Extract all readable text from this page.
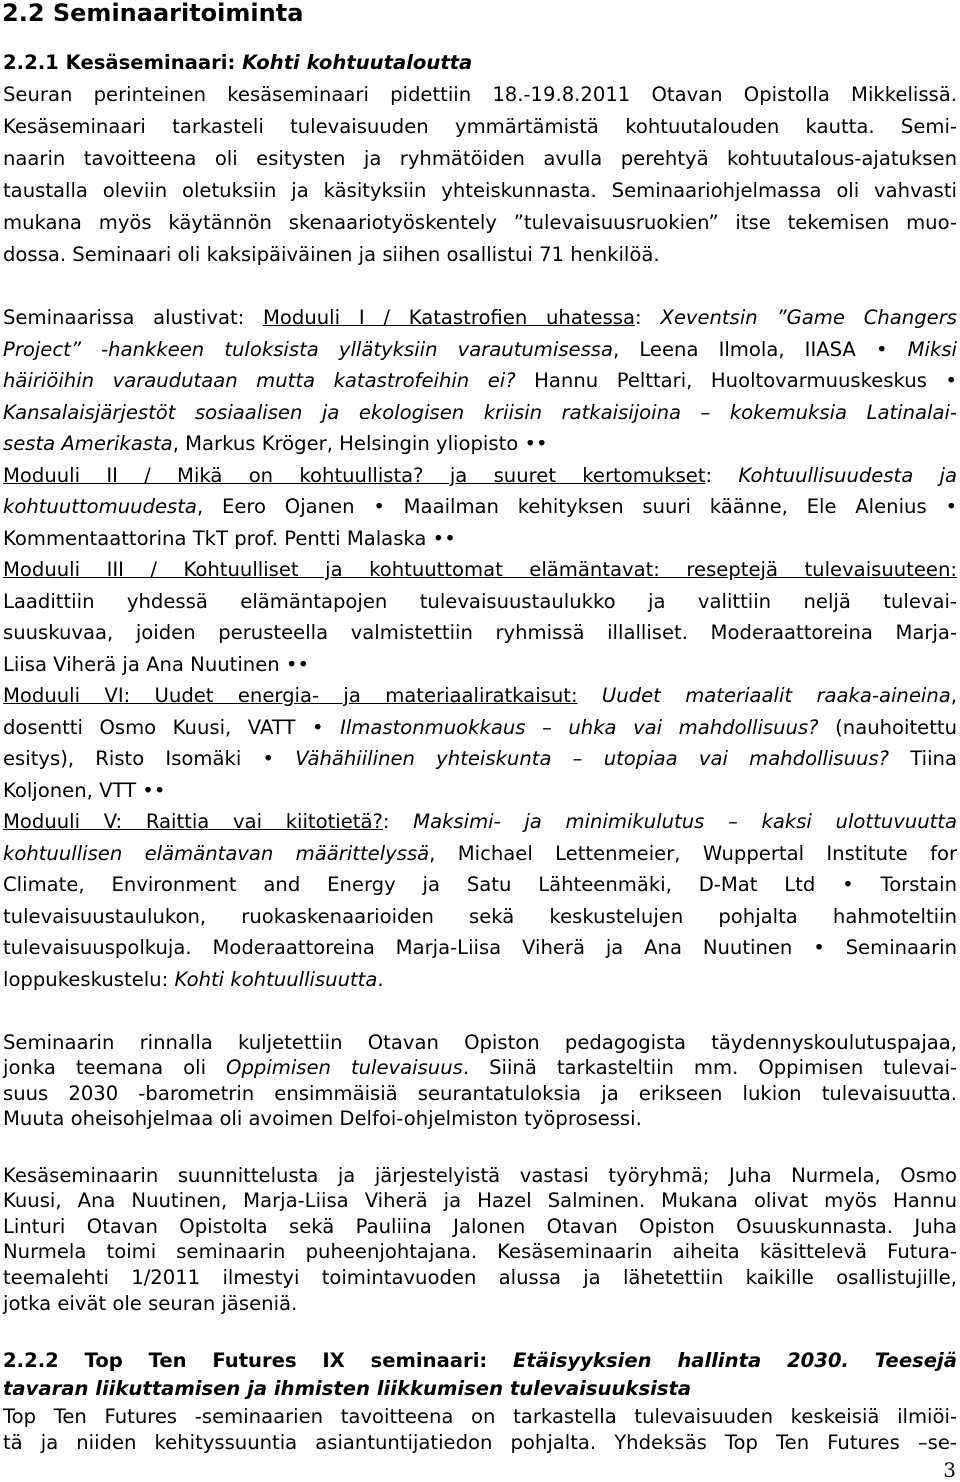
2.2 Seminaaritoiminta
2.2.1 Kesäseminaari: Kohti kohtuutaloutta
Seuran perinteinen kesäseminaari pidettiin 18.-19.8.2011 Otavan Opistolla Mikkelissä.
Kesäseminaari tarkasteli tulevaisuuden ymmärtämistä kohtuutalouden kautta. Semi-
naarin tavoitteena oli esitysten ja ryhmätöiden avulla perehtyä kohtuutalous-ajatuksen
taustalla oleviin oletuksiin ja käsityksiin yhteiskunnasta. Seminaariohjelmassa oli vahvasti
mukana myös käytännön skenaariotyöskentely ”tulevaisuusruokien” itse tekemisen muo-
dossa. Seminaari oli kaksipäiväinen ja siihen osallistui 71 henkilöä.
Seminaarissa alustivat: Moduuli I / Katastrofien uhatessa: Xeventsin ”Game Changers
Project” -hankkeen tuloksista yllätyksiin varautumisessa, Leena Ilmola, IIASA • Miksi
häiriöihin varaudutaan mutta katastrofeihin ei? Hannu Pelttari, Huoltovarmuuskeskus •
Kansalaisjärjestöt sosiaalisen ja ekologisen kriisin ratkaisijoina – kokemuksia Latinalai-
sesta Amerikasta, Markus Kröger, Helsingin yliopisto ••
Moduuli II / Mikä on kohtuullista? ja suuret kertomukset: Kohtuullisuudesta ja
kohtuuttomuudesta, Eero Ojanen • Maailman kehityksen suuri käänne, Ele Alenius •
Kommentaattorina TkT prof. Pentti Malaska ••
Moduuli III / Kohtuulliset ja kohtuuttomat elämäntavat: reseptejä tulevaisuuteen:
Laadittiin yhdessä elämäntapojen tulevaisuustaulukko ja valittiin neljä tulevai-
suuskuvaa, joiden perusteella valmistettiin ryhmissä illalliset. Moderaattoreina Marja-
Liisa Viherä ja Ana Nuutinen ••
Moduuli VI: Uudet energia- ja materiaaliratkaisut: Uudet materiaalit raaka-aineina,
dosentti Osmo Kuusi, VATT • Ilmastonmuokkaus – uhka vai mahdollisuus? (nauhoitettu
esitys), Risto Isomäki • Vähähiilinen yhteiskunta – utopiaa vai mahdollisuus? Tiina
Koljonen, VTT ••
Moduuli V: Raittia vai kiitotietä?: Maksimi- ja minimikulutus – kaksi ulottuvuutta
kohtuullisen elämäntavan määrittelyssä, Michael Lettenmeier, Wuppertal Institute for
Climate, Environment and Energy ja Satu Lähteenmäki, D-Mat Ltd • Torstain
tulevaisuustaulukon, ruokaskenaarioiden sekä keskustelujen pohjalta hahmoteltiin
tulevaisuuspolkuja. Moderaattoreina Marja-Liisa Viherä ja Ana Nuutinen • Seminaarin
loppukeskustelu: Kohti kohtuullisuutta.
Seminaarin rinnalla kuljetettiin Otavan Opiston pedagogista täydennyskoulutuspajaa,
jonka teemana oli Oppimisen tulevaisuus. Siinä tarkasteltiin mm. Oppimisen tulevai-
suus 2030 -barometrin ensimmäisiä seurantatuloksia ja erikseen lukion tulevaisuutta.
Muuta oheisohjelmaa oli avoimen Delfoi-ohjelmiston työprosessi.
Kesäseminaarin suunnittelusta ja järjestelyistä vastasi työryhmä; Juha Nurmela, Osmo
Kuusi, Ana Nuutinen, Marja-Liisa Viherä ja Hazel Salminen. Mukana olivat myös Hannu
Linturi Otavan Opistolta sekä Pauliina Jalonen Otavan Opiston Osuuskunnasta. Juha
Nurmela toimi seminaarin puheenjohtajana. Kesäseminaarin aiheita käsittelevä Futura-
teemalehti 1/2011 ilmestyi toimintavuoden alussa ja lähetettiin kaikille osallistujille,
jotka eivät ole seuran jäseniä.
2.2.2 Top Ten Futures IX seminaari: Etäisyyksien hallinta 2030. Teesejä
tavaran liikuttamisen ja ihmisten liikkumisen tulevaisuuksista
Top Ten Futures -seminaarien tavoitteena on tarkastella tulevaisuuden keskeisiä ilmiöi-
tä ja niiden kehityssuuntia asiantuntijatiedon pohjalta. Yhdeksäs Top Ten Futures –se-
3
